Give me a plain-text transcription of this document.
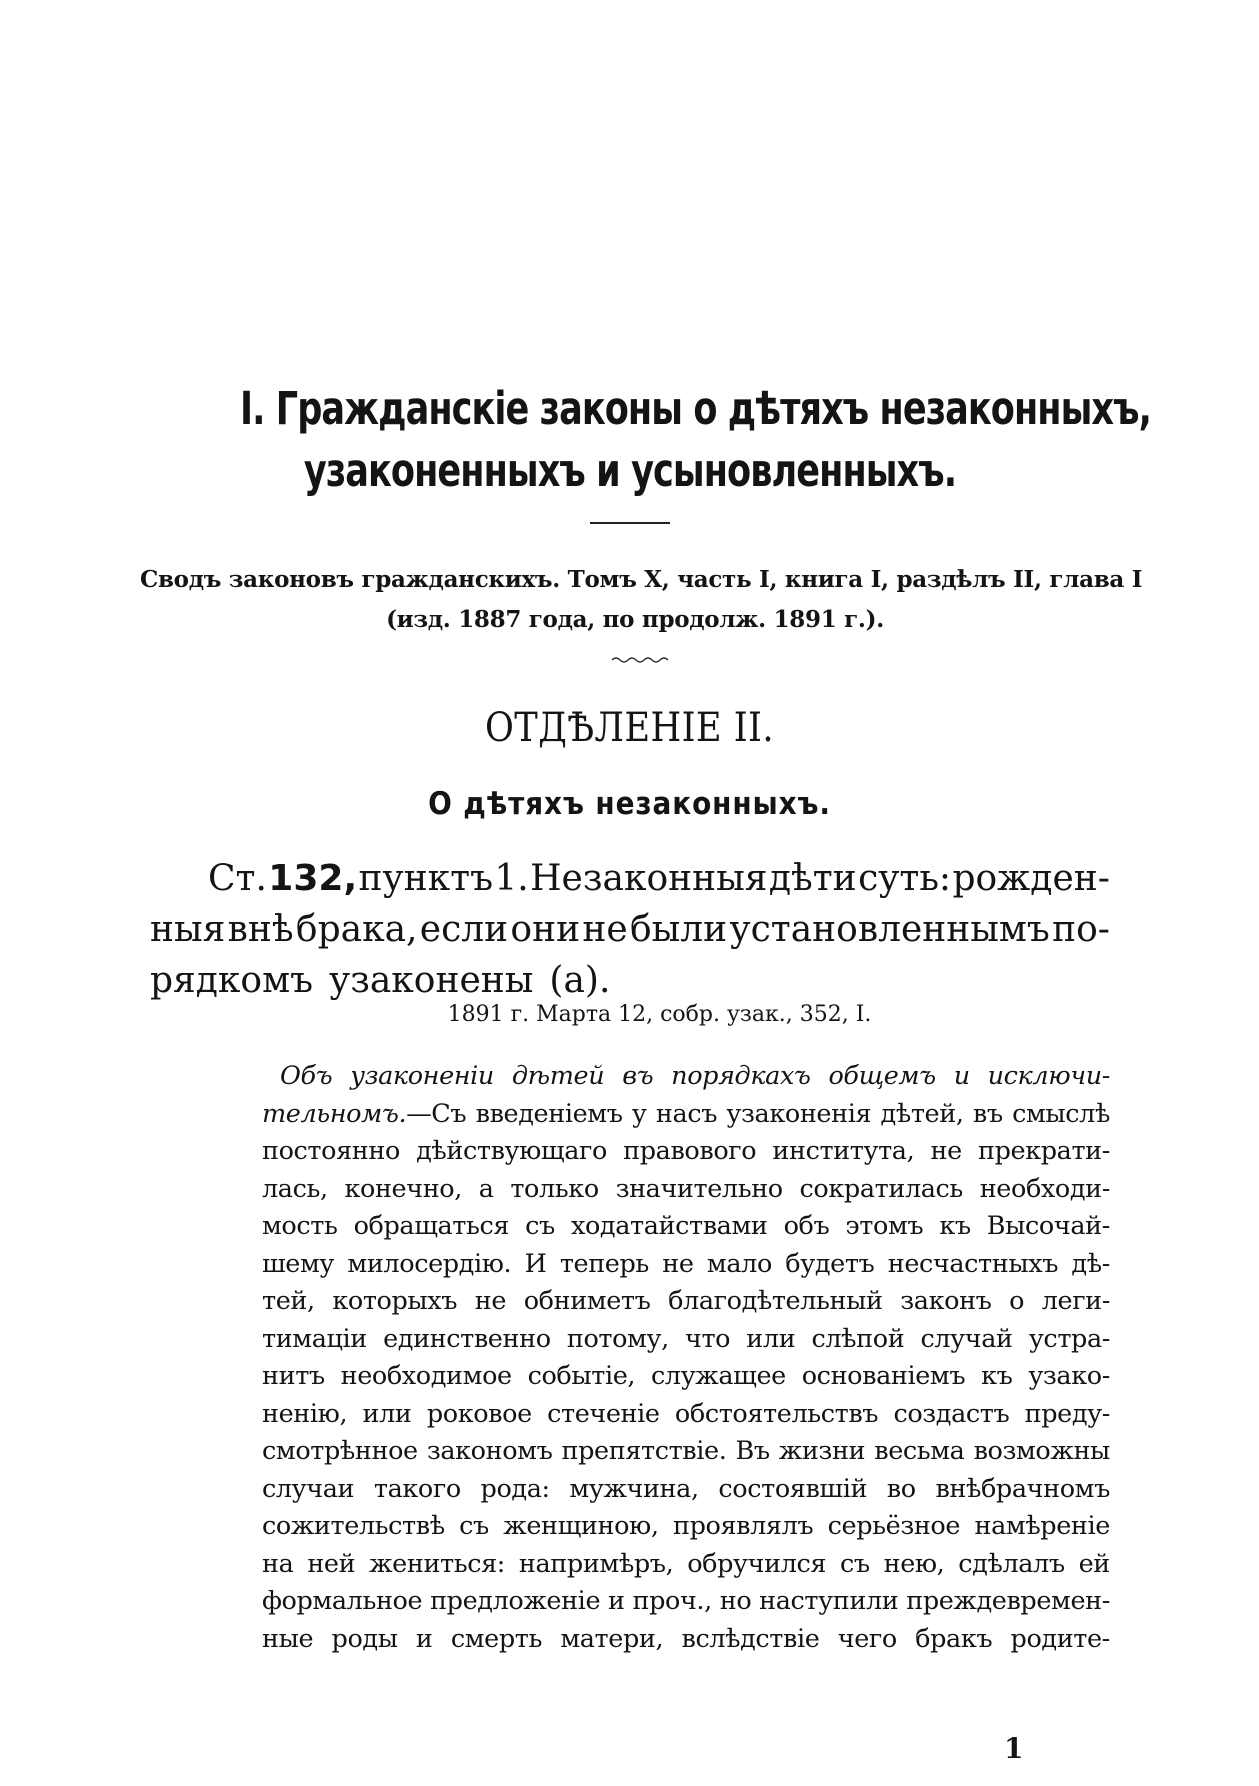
I. Гражданскіе законы о дѣтяхъ незаконныхъ,
узаконенныхъ и усыновленныхъ.
Сводъ законовъ гражданскихъ. Томъ X, часть I, книга I, раздѣлъ II, глава I
(изд. 1887 года, по продолж. 1891 г.).
ОТДѢЛЕНІЕ II.
О дѣтяхъ незаконныхъ.
Ст. 132, пунктъ 1. Незаконныя дѣти суть: рожден-
ныя внѣ брака, если они не были установленнымъ по-
рядкомъ узаконены (а).
1891 г. Марта 12, собр. узак., 352, I.
Объ узаконеніи дѣтей въ порядкахъ общемъ и исключи-
тельномъ.—Съ введеніемъ у насъ узаконенія дѣтей, въ смыслѣ
постоянно дѣйствующаго правового института, не прекрати-
лась, конечно, а только значительно сократилась необходи-
мость обращаться съ ходатайствами объ этомъ къ Высочай-
шему милосердію. И теперь не мало будетъ несчастныхъ дѣ-
тей, которыхъ не обниметъ благодѣтельный законъ о леги-
тимаціи единственно потому, что или слѣпой случай устра-
нитъ необходимое событіе, служащее основаніемъ къ узако-
ненію, или роковое стеченіе обстоятельствъ создастъ преду-
смотрѣнное закономъ препятствіе. Въ жизни весьма возможны
случаи такого рода: мужчина, состоявшій во внѣбрачномъ
сожительствѣ съ женщиною, проявлялъ серьёзное намѣреніе
на ней жениться: напримѣръ, обручился съ нею, сдѣлалъ ей
формальное предложеніе и проч., но наступили преждевремен-
ные роды и смерть матери, вслѣдствіе чего бракъ родите-
1
